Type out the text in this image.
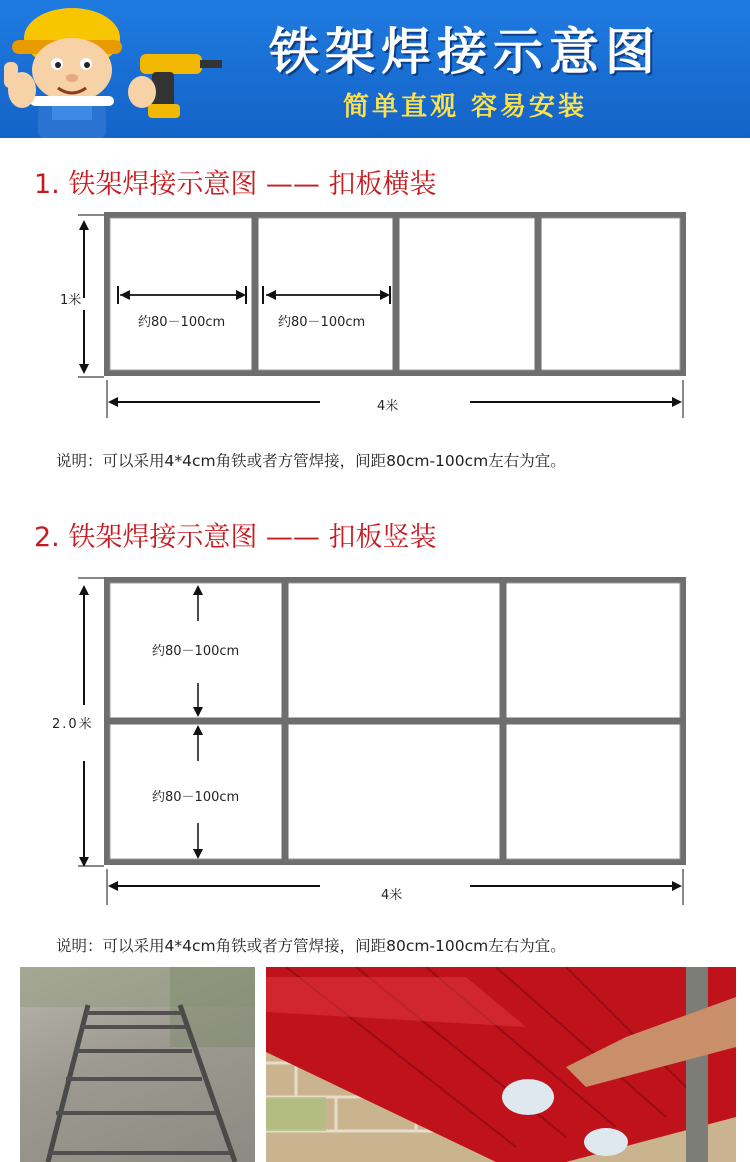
铁架焊接示意图
简单直观 容易安装
1. 铁架焊接示意图 —— 扣板横装
1米
约80－100cm	约80－100cm
4米
说明：可以采用4*4cm角铁或者方管焊接，间距80cm-100cm左右为宜。
2. 铁架焊接示意图 —— 扣板竖装
2.0米
约80－100cm
约80－100cm
4米
说明：可以采用4*4cm角铁或者方管焊接，间距80cm-100cm左右为宜。
